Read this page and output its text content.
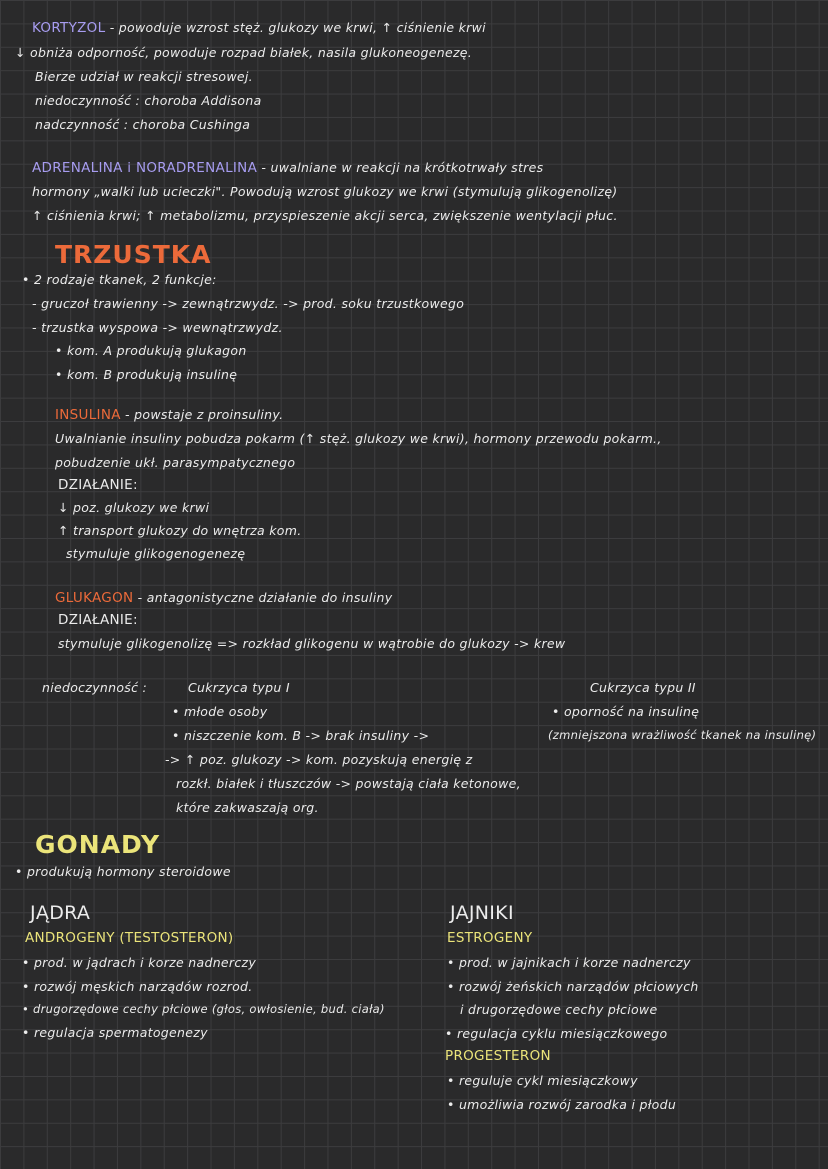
KORTYZOL - powoduje wzrost stęż. glukozy we krwi, ↑ ciśnienie krwi
↓ obniża odporność, powoduje rozpad białek, nasila glukoneogenezę.
Bierze udział w reakcji stresowej.
niedoczynność : choroba Addisona
nadczynność : choroba Cushinga
ADRENALINA i NORADRENALINA - uwalniane w reakcji na krótkotrwały stres
hormony „walki lub ucieczki". Powodują wzrost glukozy we krwi (stymulują glikogenolizę)
↑ ciśnienia krwi; ↑ metabolizmu, przyspieszenie akcji serca, zwiększenie wentylacji płuc.
TRZUSTKA
• 2 rodzaje tkanek, 2 funkcje:
- gruczoł trawienny -> zewnątrzwydz. -> prod. soku trzustkowego
- trzustka wyspowa -> wewnątrzwydz.
• kom. A produkują glukagon
• kom. B produkują insulinę
INSULINA - powstaje z proinsuliny.
Uwalnianie insuliny pobudza pokarm (↑ stęż. glukozy we krwi), hormony przewodu pokarm.,
pobudzenie ukł. parasympatycznego
DZIAŁANIE:
↓ poz. glukozy we krwi
↑ transport glukozy do wnętrza kom.
stymuluje glikogenogenezę
GLUKAGON - antagonistyczne działanie do insuliny
DZIAŁANIE:
stymuluje glikogenolizę => rozkład glikogenu w wątrobie do glukozy -> krew
niedoczynność :	Cukrzyca typu I
• młode osoby
• niszczenie kom. B -> brak insuliny ->
-> ↑ poz. glukozy -> kom. pozyskują energię z
rozkł. białek i tłuszczów -> powstają ciała ketonowe,
które zakwaszają org.
Cukrzyca typu II
• oporność na insulinę
(zmniejszona wrażliwość tkanek na insulinę)
GONADY
• produkują hormony steroidowe
JĄDRA
ANDROGENY (TESTOSTERON)
• prod. w jądrach i korze nadnerczy
• rozwój męskich narządów rozrod.
• drugorzędowe cechy płciowe (głos, owłosienie, bud. ciała)
• regulacja spermatogenezy
JAJNIKI
ESTROGENY
• prod. w jajnikach i korze nadnerczy
• rozwój żeńskich narządów płciowych
i drugorzędowe cechy płciowe
• regulacja cyklu miesiączkowego
PROGESTERON
• reguluje cykl miesiączkowy
• umożliwia rozwój zarodka i płodu
